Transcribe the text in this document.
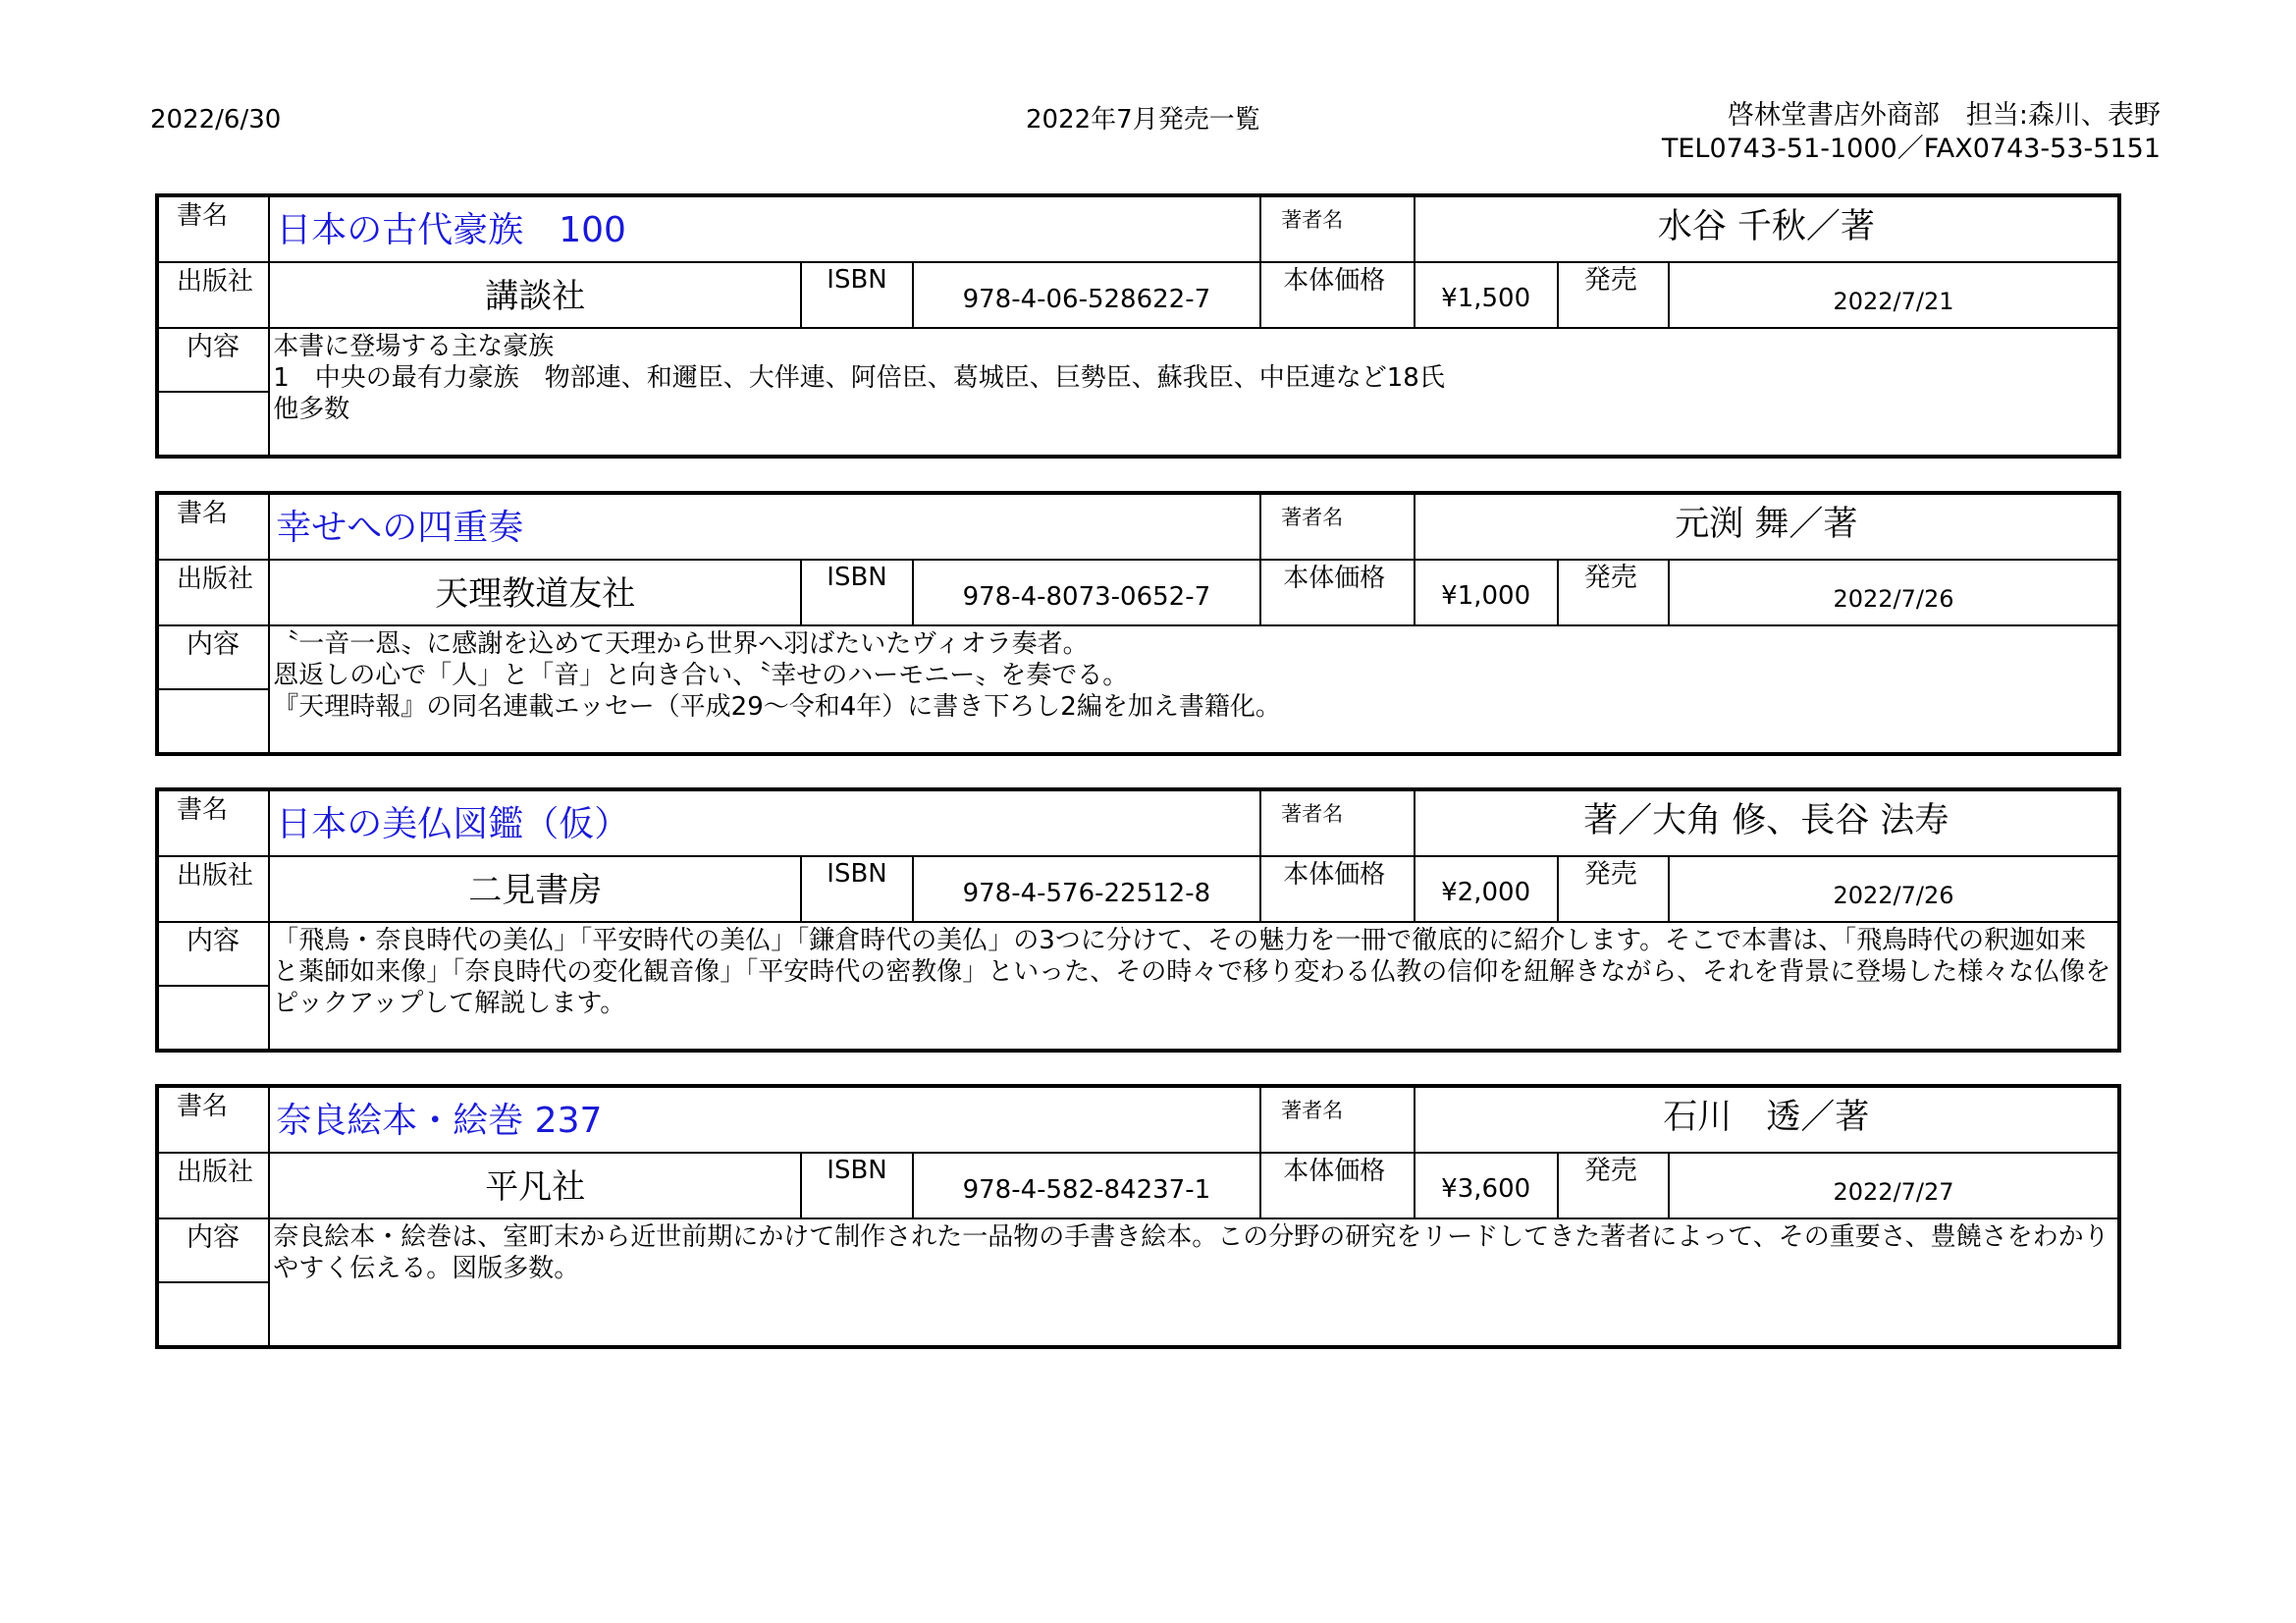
2022/6/30	2022年7月発売一覧	啓林堂書店外商部　担当:森川、表野
TEL0743-51-1000／FAX0743-53-5151
書名	日本の古代豪族　100			著者名	水谷 千秋／著		
出版社	講談社	ISBN	978-4-06-528622-7	本体価格	¥1,500	発売	2022/7/21
内容	本書に登場する主な豪族
1　中央の最有力豪族　物部連、和邇臣、大伴連、阿倍臣、葛城臣、巨勢臣、蘇我臣、中臣連など18氏
他多数						

書名	幸せへの四重奏			著者名	元渕 舞／著		
出版社	天理教道友社	ISBN	978-4-8073-0652-7	本体価格	¥1,000	発売	2022/7/26
内容	〝一音一恩〟に感謝を込めて天理から世界へ羽ばたいたヴィオラ奏者。
恩返しの心で「人」と「音」と向き合い、〝幸せのハーモニー〟を奏でる。
『天理時報』の同名連載エッセー（平成29～令和4年）に書き下ろし2編を加え書籍化。						

書名	日本の美仏図鑑（仮）			著者名	著／大角 修、長谷 法寿		
出版社	二見書房	ISBN	978-4-576-22512-8	本体価格	¥2,000	発売	2022/7/26
内容	「飛鳥・奈良時代の美仏」「平安時代の美仏」「鎌倉時代の美仏」の3つに分けて、その魅力を一冊で徹底的に紹介します。そこで本書は、「飛鳥時代の釈迦如来と薬師如来像」「奈良時代の変化観音像」「平安時代の密教像」といった、その時々で移り変わる仏教の信仰を紐解きながら、それを背景に登場した様々な仏像をピックアップして解説します。						

書名	奈良絵本・絵巻 237			著者名	石川　透／著		
出版社	平凡社	ISBN	978-4-582-84237-1	本体価格	¥3,600	発売	2022/7/27
内容	奈良絵本・絵巻は、室町末から近世前期にかけて制作された一品物の手書き絵本。この分野の研究をリードしてきた著者によって、その重要さ、豊饒さをわかりやすく伝える。図版多数。						
